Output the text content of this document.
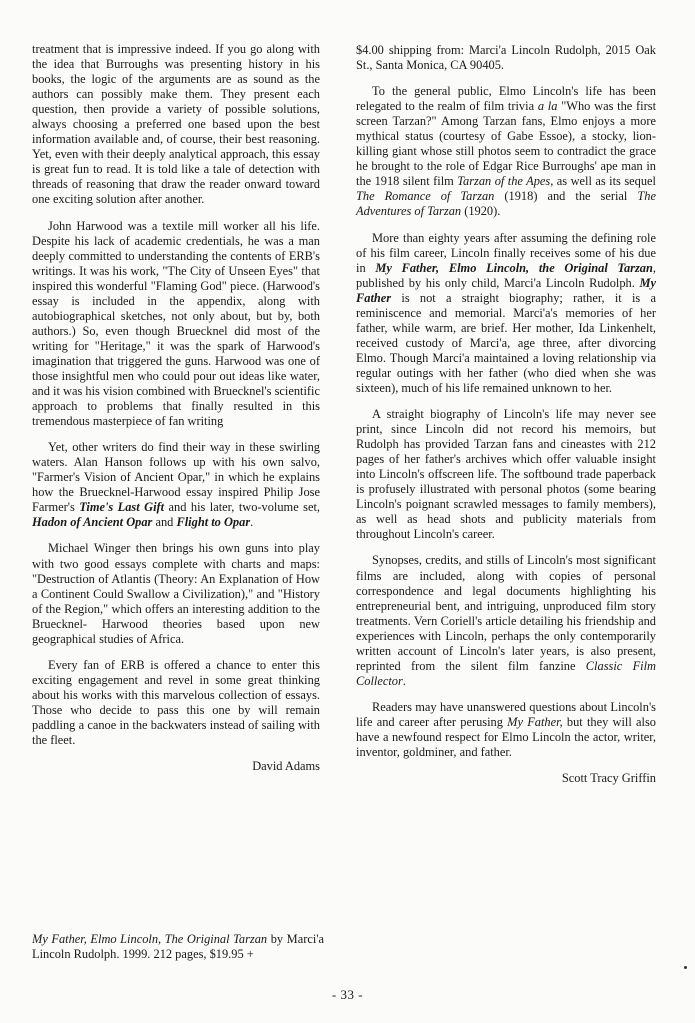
treatment that is impressive indeed. If you go along with the idea that Burroughs was presenting history in his books, the logic of the arguments are as sound as the authors can possibly make them. They present each question, then provide a variety of possible solutions, always choosing a preferred one based upon the best information available and, of course, their best reasoning. Yet, even with their deeply analytical approach, this essay is great fun to read. It is told like a tale of detection with threads of reasoning that draw the reader onward toward one exciting solution after another.

John Harwood was a textile mill worker all his life. Despite his lack of academic credentials, he was a man deeply committed to understanding the contents of ERB's writings. It was his work, "The City of Unseen Eyes" that inspired this wonderful "Flaming God" piece. (Harwood's essay is included in the appendix, along with autobiographical sketches, not only about, but by, both authors.) So, even though Bruecknel did most of the writing for "Heritage," it was the spark of Harwood's imagination that triggered the guns. Harwood was one of those insightful men who could pour out ideas like water, and it was his vision combined with Bruecknel's scientific approach to problems that finally resulted in this tremendous masterpiece of fan writing

Yet, other writers do find their way in these swirling waters. Alan Hanson follows up with his own salvo, "Farmer's Vision of Ancient Opar," in which he explains how the Bruecknel-Harwood essay inspired Philip Jose Farmer's Time's Last Gift and his later, two-volume set, Hadon of Ancient Opar and Flight to Opar.

Michael Winger then brings his own guns into play with two good essays complete with charts and maps: "Destruction of Atlantis (Theory: An Explanation of How a Continent Could Swallow a Civilization)," and "History of the Region," which offers an interesting addition to the Bruecknel- Harwood theories based upon new geographical studies of Africa.

Every fan of ERB is offered a chance to enter this exciting engagement and revel in some great thinking about his works with this marvelous collection of essays. Those who decide to pass this one by will remain paddling a canoe in the backwaters instead of sailing with the fleet.

David Adams

My Father, Elmo Lincoln, The Original Tarzan by Marci'a Lincoln Rudolph. 1999. 212 pages, $19.95 +

$4.00 shipping from: Marci'a Lincoln Rudolph, 2015 Oak St., Santa Monica, CA 90405.

To the general public, Elmo Lincoln's life has been relegated to the realm of film trivia a la "Who was the first screen Tarzan?" Among Tarzan fans, Elmo enjoys a more mythical status (courtesy of Gabe Essoe), a stocky, lion-killing giant whose still photos seem to contradict the grace he brought to the role of Edgar Rice Burroughs' ape man in the 1918 silent film Tarzan of the Apes, as well as its sequel The Romance of Tarzan (1918) and the serial The Adventures of Tarzan (1920).

More than eighty years after assuming the defining role of his film career, Lincoln finally receives some of his due in My Father, Elmo Lincoln, the Original Tarzan, published by his only child, Marci'a Lincoln Rudolph. My Father is not a straight biography; rather, it is a reminiscence and memorial. Marci'a's memories of her father, while warm, are brief. Her mother, Ida Linkenhelt, received custody of Marci'a, age three, after divorcing Elmo. Though Marci'a maintained a loving relationship via regular outings with her father (who died when she was sixteen), much of his life remained unknown to her.

A straight biography of Lincoln's life may never see print, since Lincoln did not record his memoirs, but Rudolph has provided Tarzan fans and cineastes with 212 pages of her father's archives which offer valuable insight into Lincoln's offscreen life. The softbound trade paperback is profusely illustrated with personal photos (some bearing Lincoln's poignant scrawled messages to family members), as well as head shots and publicity materials from throughout Lincoln's career.

Synopses, credits, and stills of Lincoln's most significant films are included, along with copies of personal correspondence and legal documents highlighting his entrepreneurial bent, and intriguing, unproduced film story treatments. Vern Coriell's article detailing his friendship and experiences with Lincoln, perhaps the only contemporarily written account of Lincoln's later years, is also present, reprinted from the silent film fanzine Classic Film Collector.

Readers may have unanswered questions about Lincoln's life and career after perusing My Father, but they will also have a newfound respect for Elmo Lincoln the actor, writer, inventor, goldminer, and father.

Scott Tracy Griffin
- 33 -
